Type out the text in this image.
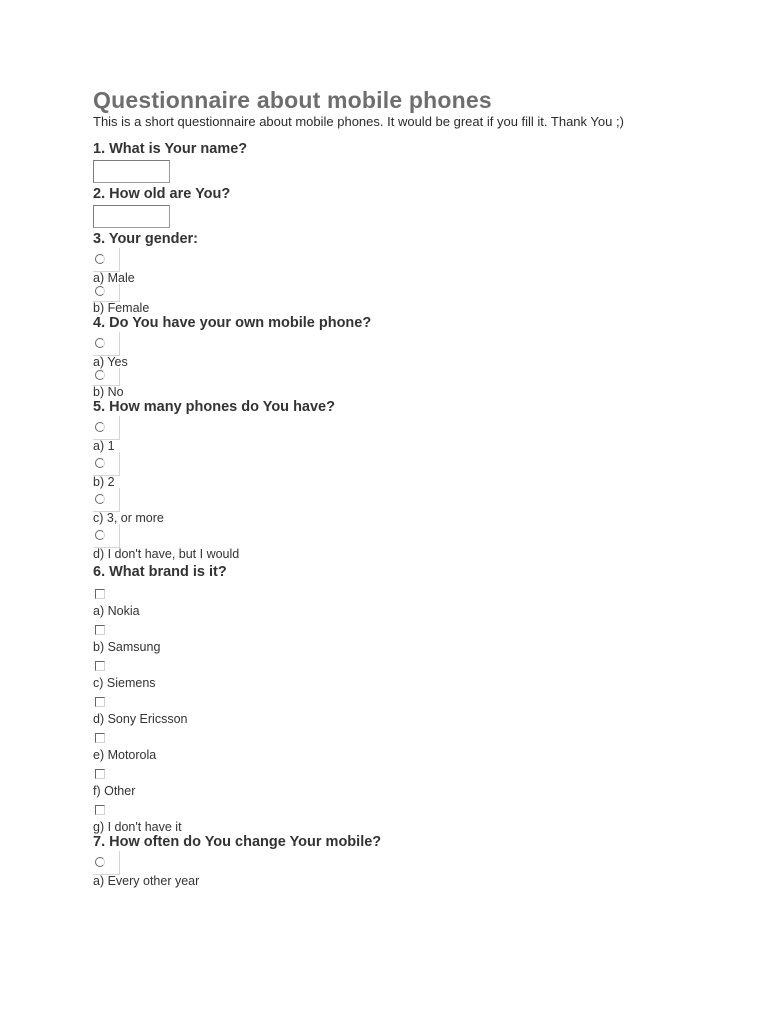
Questionnaire about mobile phones

This is a short questionnaire about mobile phones. It would be great if you fill it. Thank You ;)

1. What is Your name?
2. How old are You?
3. Your gender:
a) Male
b) Female
4. Do You have your own mobile phone?
a) Yes
b) No
5. How many phones do You have?
a) 1
b) 2
c) 3, or more
d) I don't have, but I would
6. What brand is it?
a) Nokia
b) Samsung
c) Siemens
d) Sony Ericsson
e) Motorola
f) Other
g) I don't have it
7. How often do You change Your mobile?
a) Every other year
